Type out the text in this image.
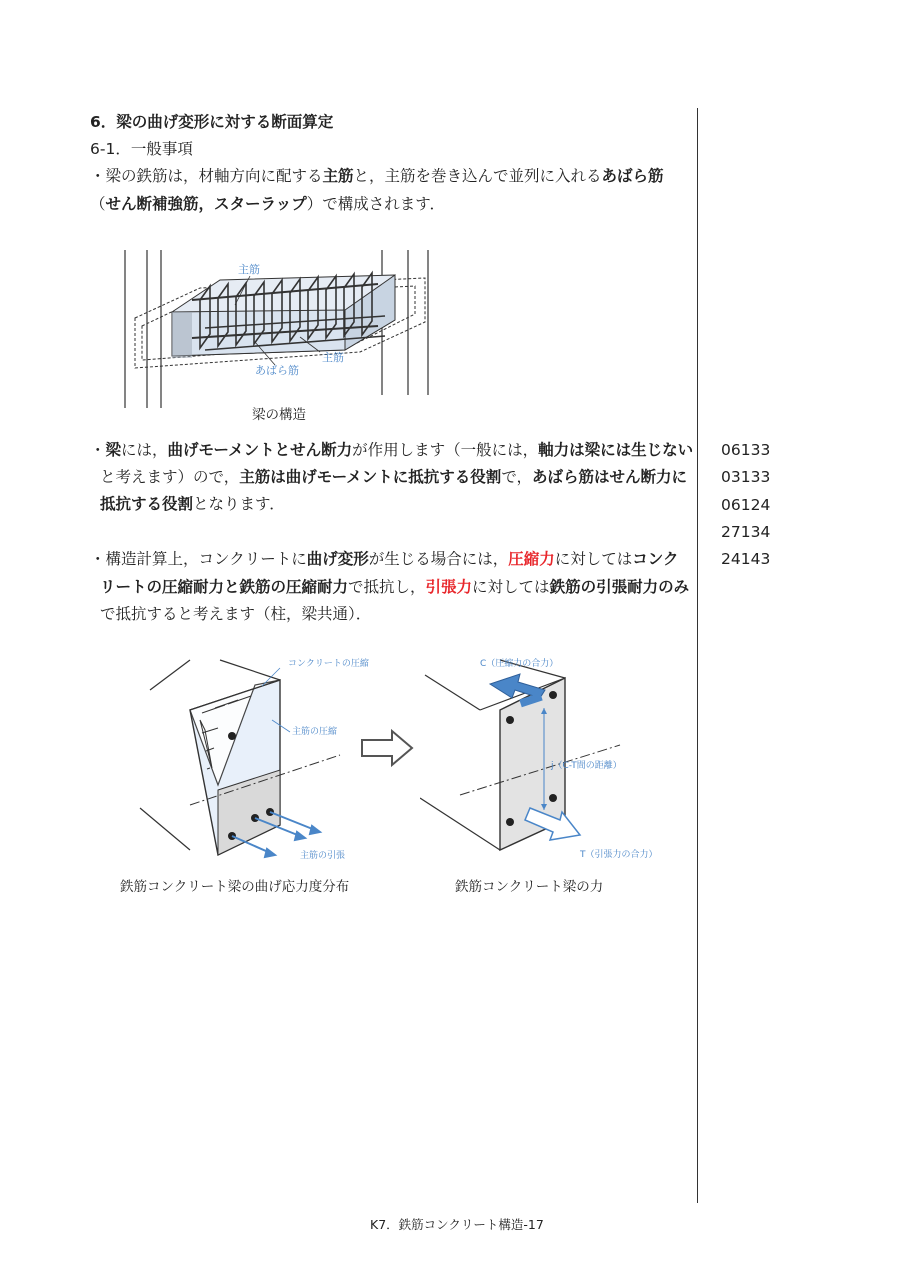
6．梁の曲げ変形に対する断面算定
6-1．一般事項
・梁の鉄筋は，材軸方向に配する主筋と，主筋を巻き込んで並列に入れるあばら筋
（せん断補強筋，スターラップ）で構成されます．
主筋
主筋
あばら筋
梁の構造
・梁には，曲げモーメントとせん断力が作用します（一般には，軸力は梁には生じない
と考えます）ので，主筋は曲げモーメントに抵抗する役割で，あばら筋はせん断力に
抵抗する役割となります．
・構造計算上，コンクリートに曲げ変形が生じる場合には，圧縮力に対してはコンク
リートの圧縮耐力と鉄筋の圧縮耐力で抵抗し，引張力に対しては鉄筋の引張耐力のみ
で抵抗すると考えます（柱，梁共通）．
06133
03133
06124
27134
24143
コンクリートの圧縮
主筋の圧縮
主筋の引張
C（圧縮力の合力）
j（C-T間の距離）
T（引張力の合力）
鉄筋コンクリート梁の曲げ応力度分布	鉄筋コンクリート梁の力
K7．鉄筋コンクリート構造-17
